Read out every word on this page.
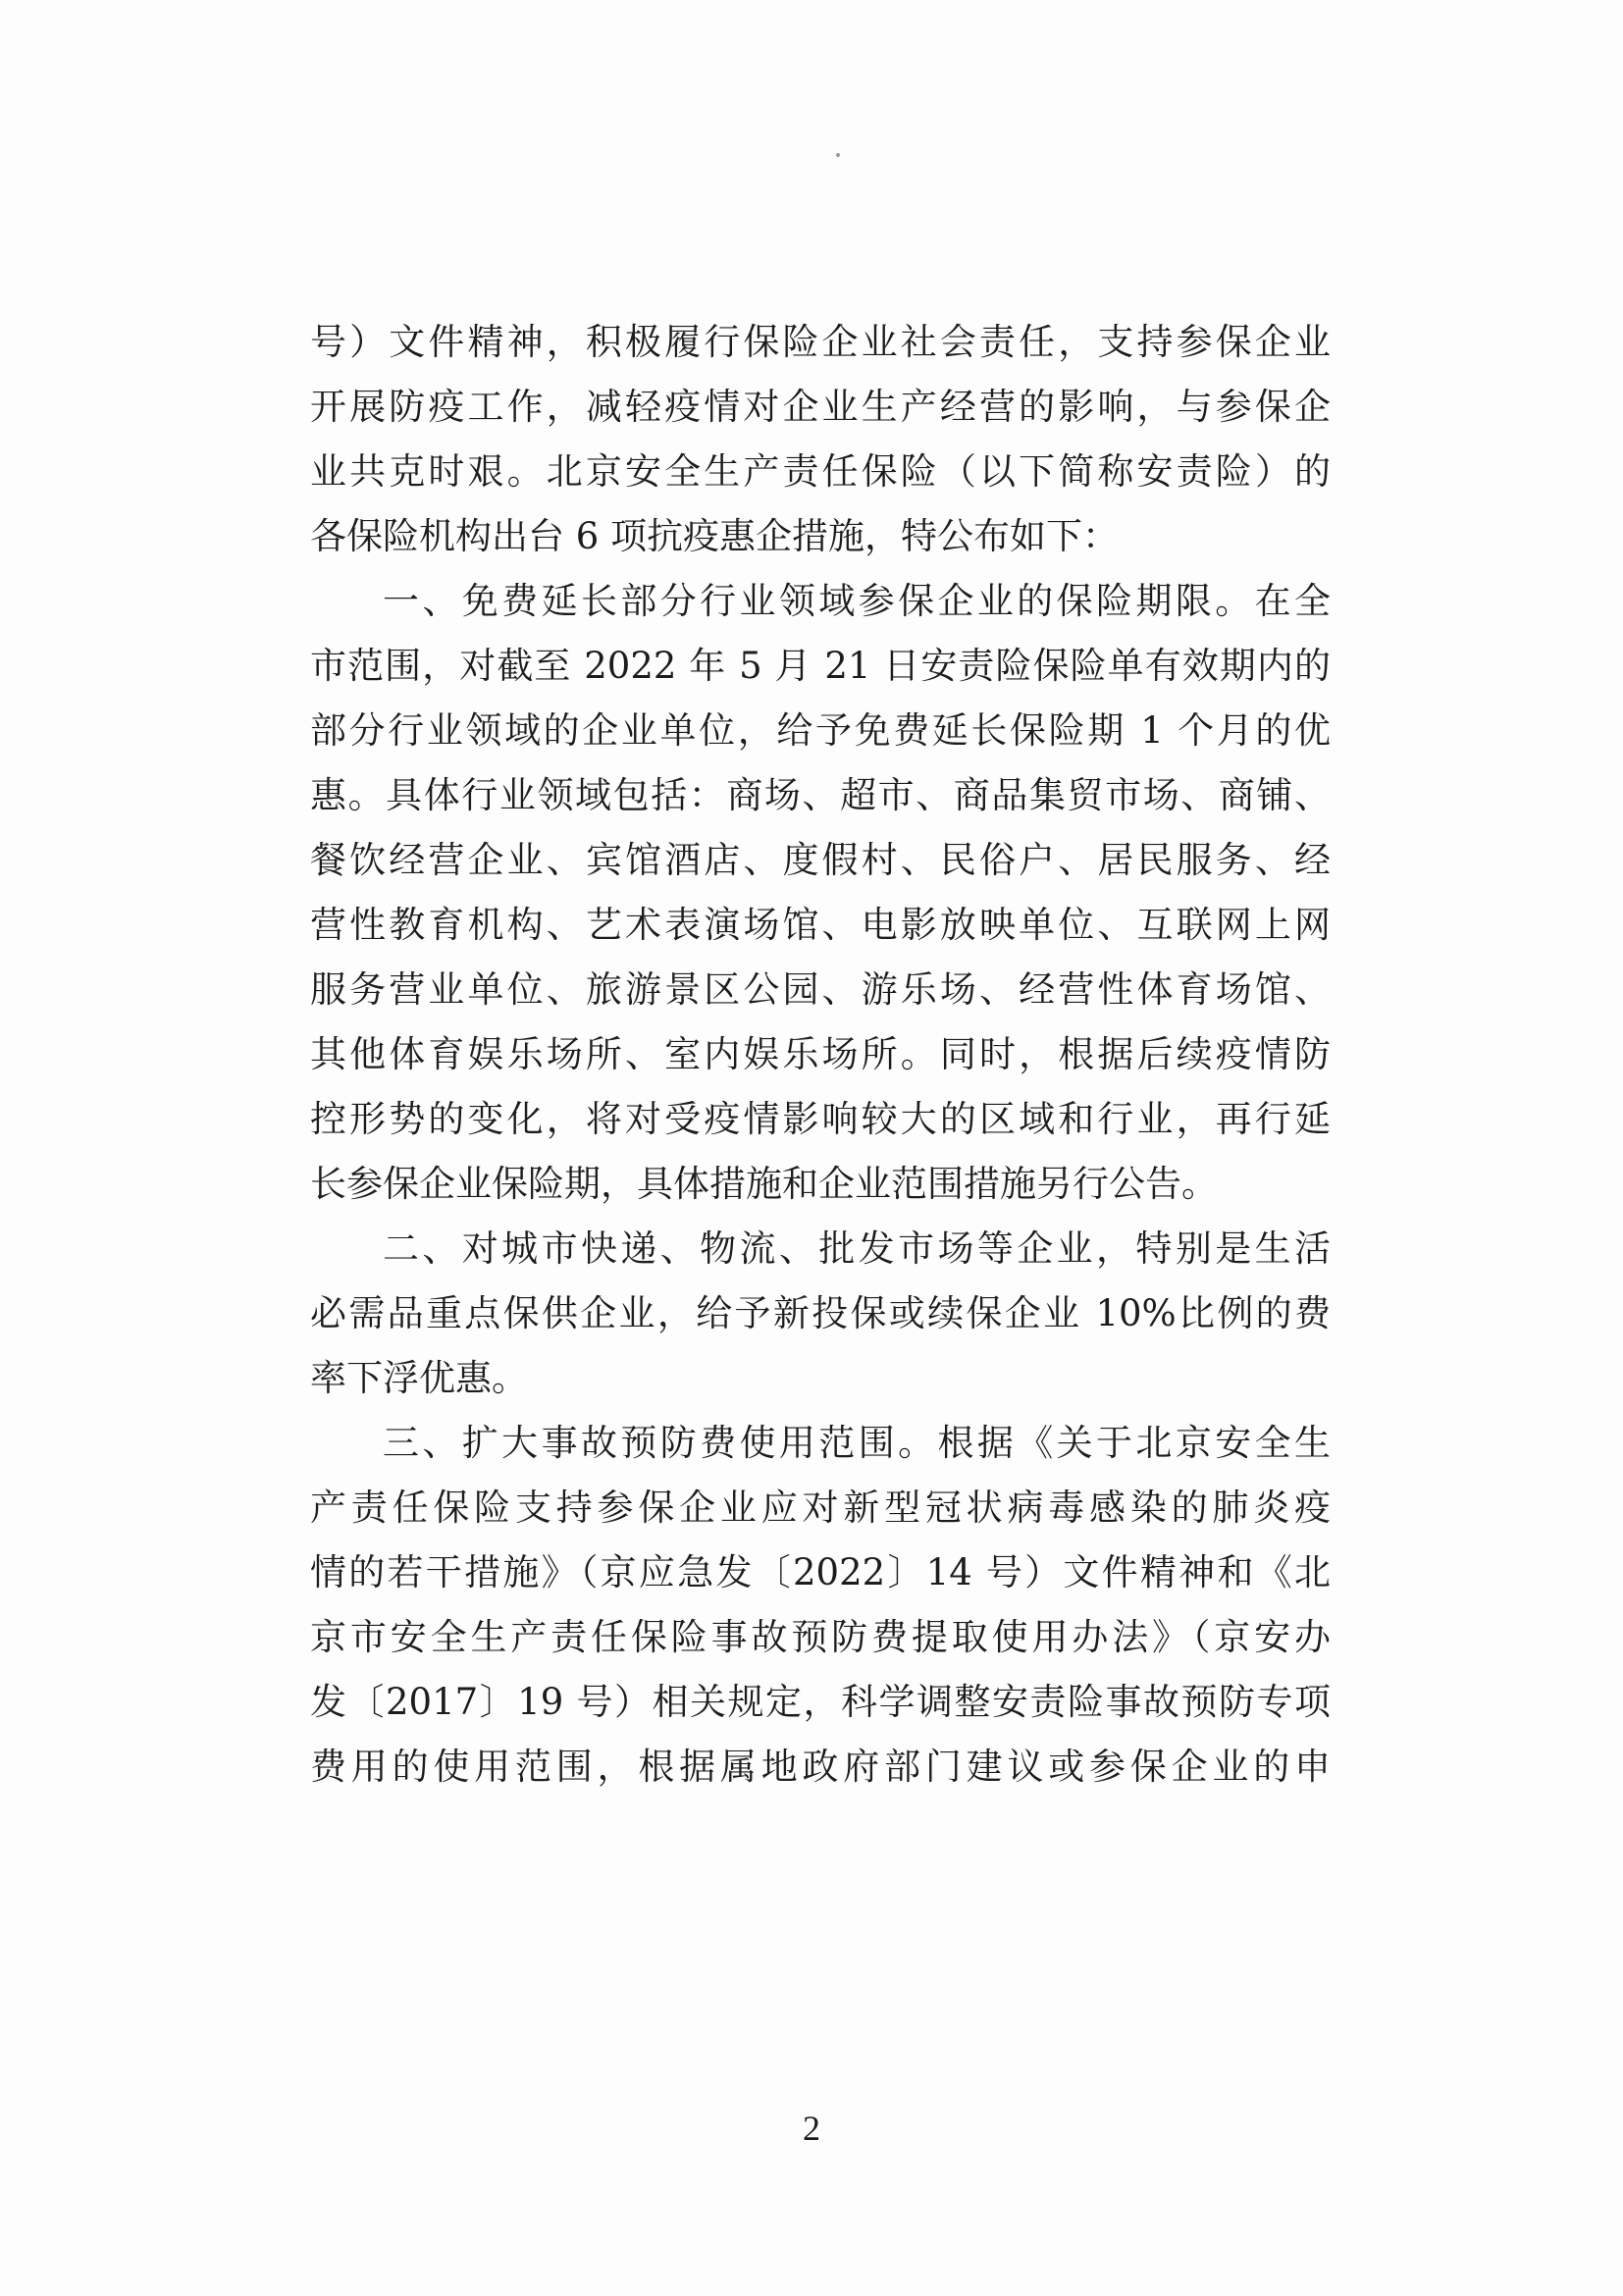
号）文件精神，积极履行保险企业社会责任，支持参保企业
开展防疫工作，减轻疫情对企业生产经营的影响，与参保企
业共克时艰。北京安全生产责任保险（以下简称安责险）的
各保险机构出台 6 项抗疫惠企措施，特公布如下：
一、免费延长部分行业领域参保企业的保险期限。在全
市范围，对截至 2022 年 5 月 21 日安责险保险单有效期内的
部分行业领域的企业单位，给予免费延长保险期 1 个月的优
惠。具体行业领域包括：商场、超市、商品集贸市场、商铺、
餐饮经营企业、宾馆酒店、度假村、民俗户、居民服务、经
营性教育机构、艺术表演场馆、电影放映单位、互联网上网
服务营业单位、旅游景区公园、游乐场、经营性体育场馆、
其他体育娱乐场所、室内娱乐场所。同时，根据后续疫情防
控形势的变化，将对受疫情影响较大的区域和行业，再行延
长参保企业保险期，具体措施和企业范围措施另行公告。
二、对城市快递、物流、批发市场等企业，特别是生活
必需品重点保供企业，给予新投保或续保企业 10%比例的费
率下浮优惠。
三、扩大事故预防费使用范围。根据《关于北京安全生
产责任保险支持参保企业应对新型冠状病毒感染的肺炎疫
情的若干措施》（京应急发〔2022〕14 号）文件精神和《北
京市安全生产责任保险事故预防费提取使用办法》（京安办
发〔2017〕19 号）相关规定，科学调整安责险事故预防专项
费用的使用范围，根据属地政府部门建议或参保企业的申
2
